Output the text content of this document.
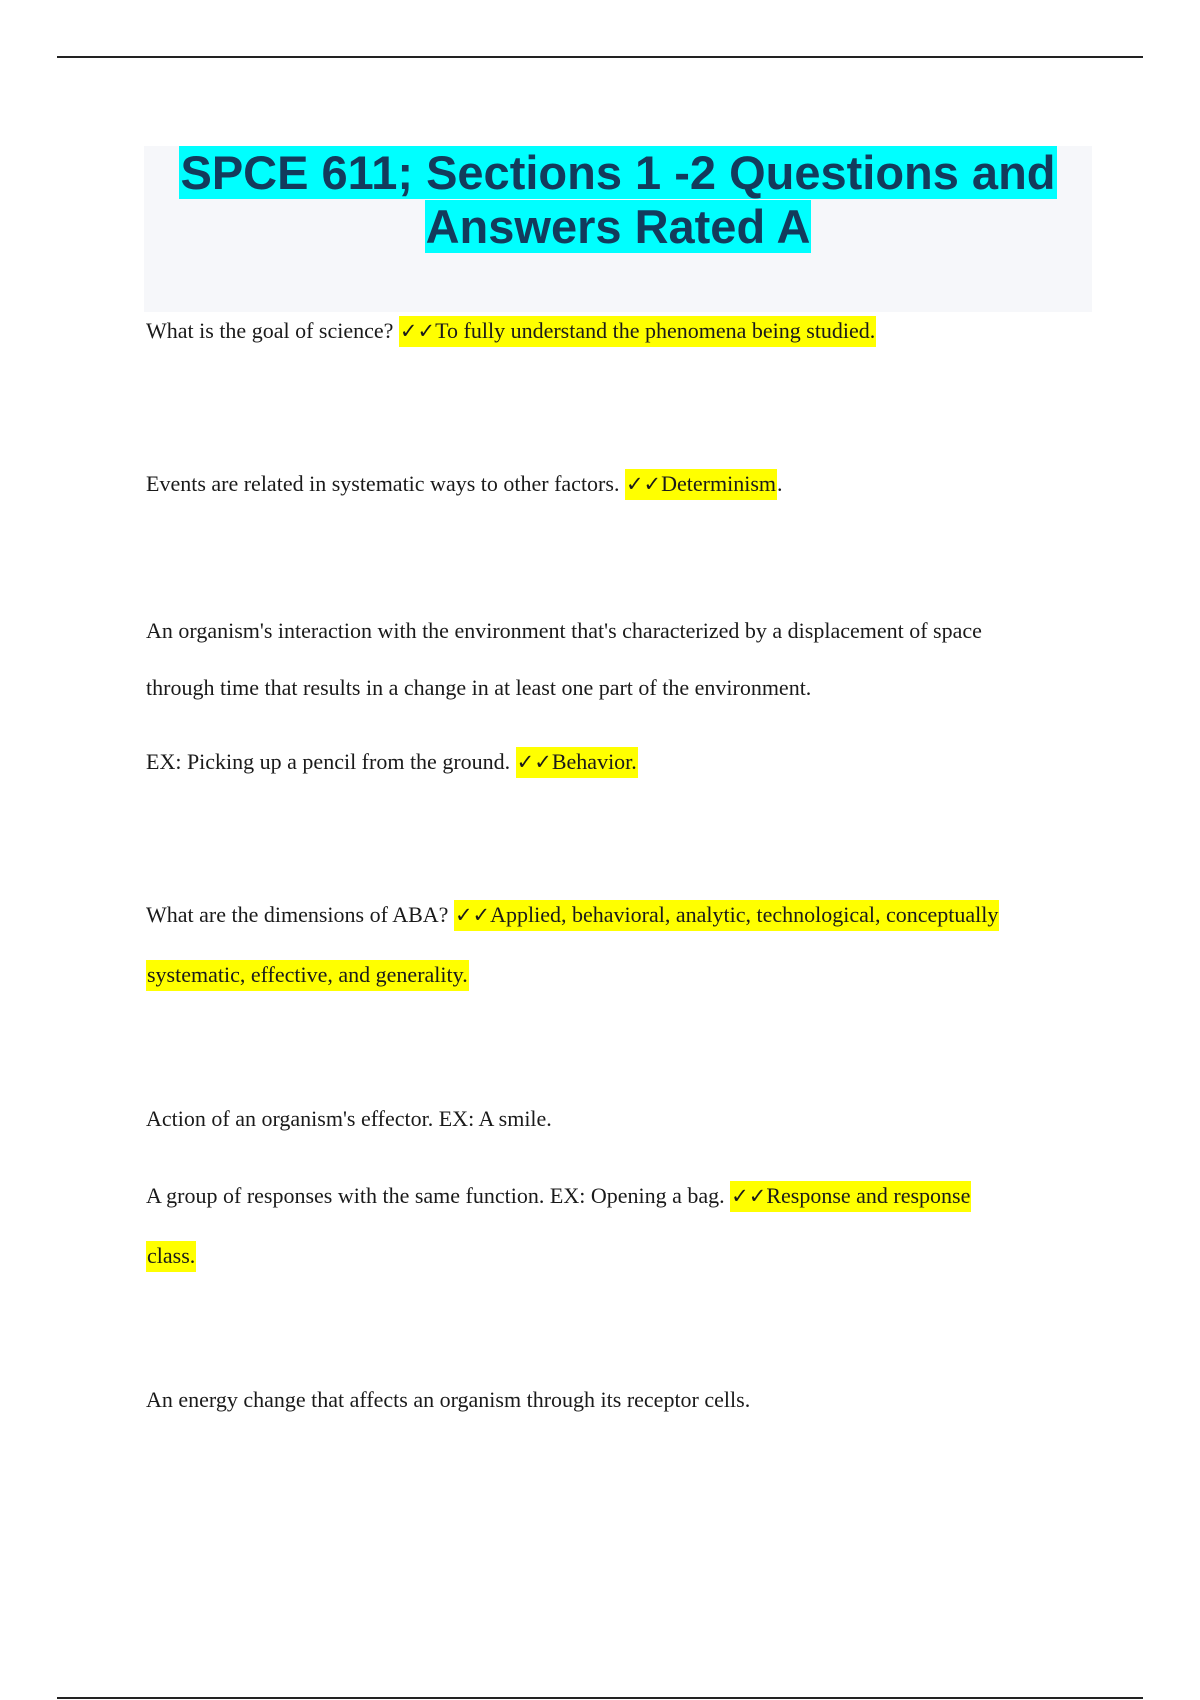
SPCE 611; Sections 1 -2 Questions and
Answers Rated A

What is the goal of science? ✓✓To fully understand the phenomena being studied.

Events are related in systematic ways to other factors. ✓✓Determinism.

An organism's interaction with the environment that's characterized by a displacement of space

through time that results in a change in at least one part of the environment.

EX: Picking up a pencil from the ground. ✓✓Behavior.

What are the dimensions of ABA? ✓✓Applied, behavioral, analytic, technological, conceptually

systematic, effective, and generality.

Action of an organism's effector. EX: A smile.

A group of responses with the same function. EX: Opening a bag. ✓✓Response and response

class.

An energy change that affects an organism through its receptor cells.
